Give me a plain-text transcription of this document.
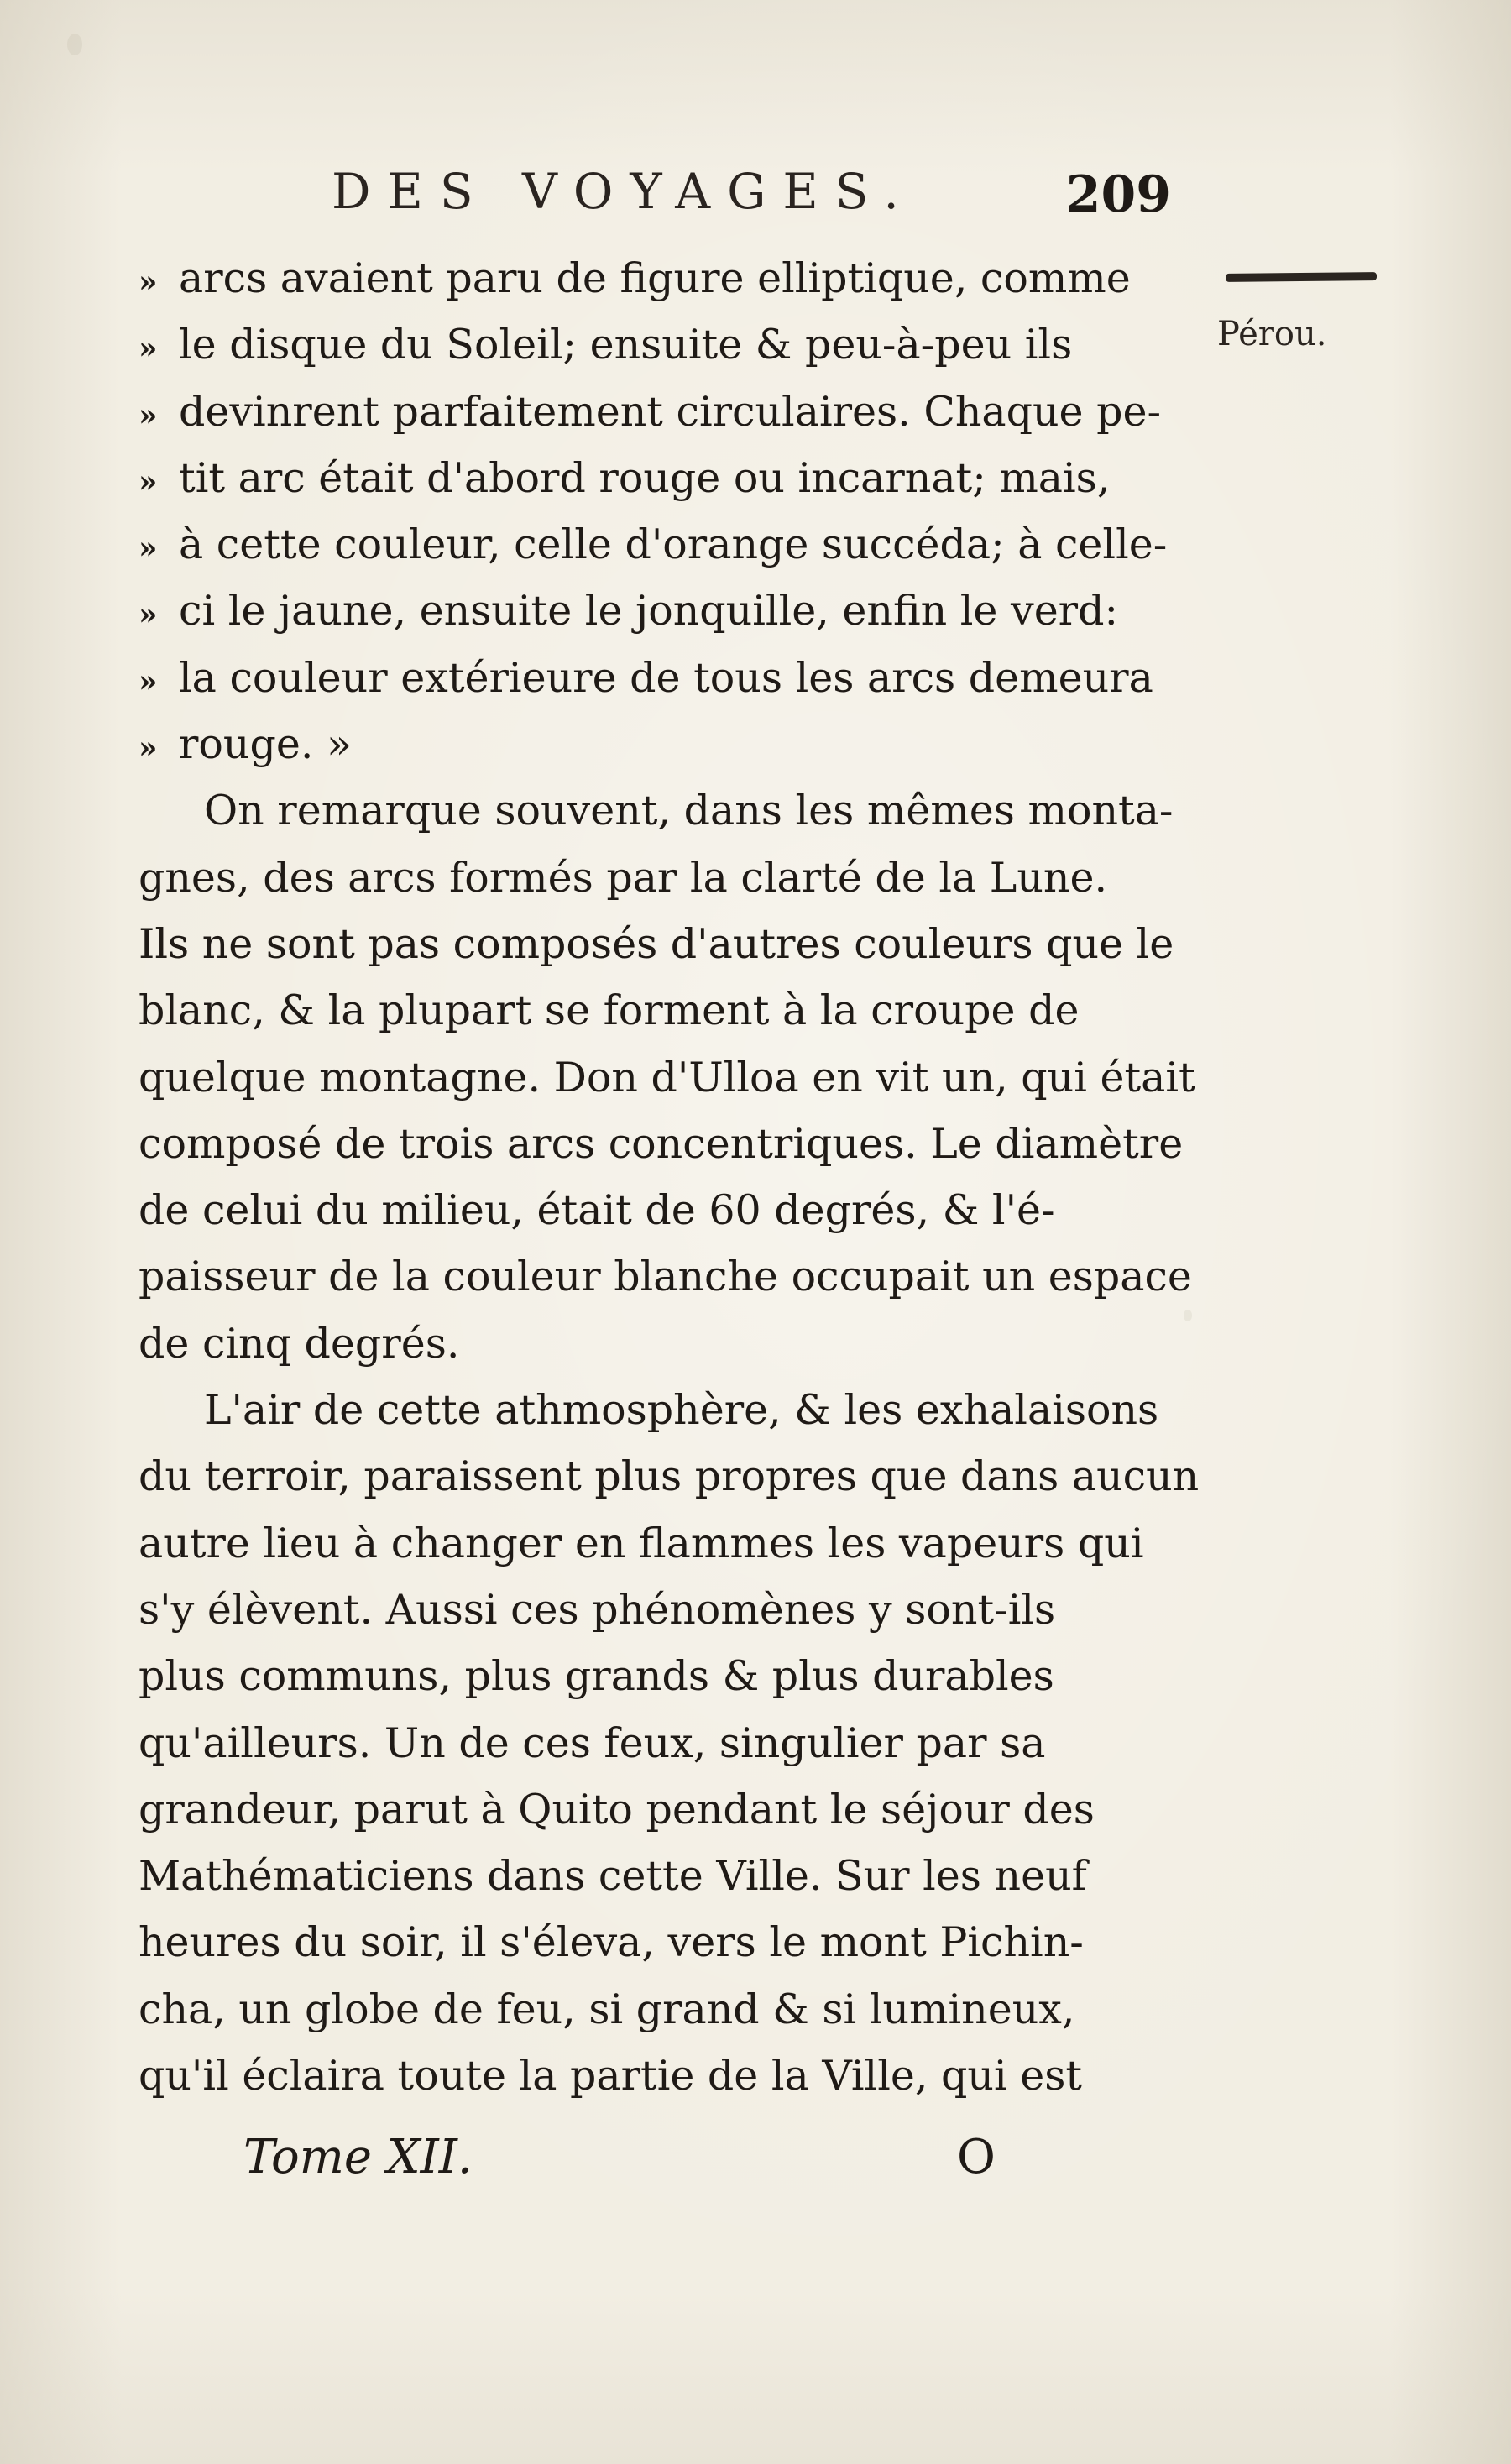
DES VOYAGES.	209
Pérou.
» arcs avaient paru de figure elliptique, comme
» le disque du Soleil; ensuite & peu-à-peu ils
» devinrent parfaitement circulaires. Chaque pe-
» tit arc était d'abord rouge ou incarnat; mais,
» à cette couleur, celle d'orange succéda; à celle-
» ci le jaune, ensuite le jonquille, enfin le verd:
» la couleur extérieure de tous les arcs demeura
» rouge. »
On remarque souvent, dans les mêmes monta-
gnes, des arcs formés par la clarté de la Lune.
Ils ne sont pas composés d'autres couleurs que le
blanc, & la plupart se forment à la croupe de
quelque montagne. Don d'Ulloa en vit un, qui était
composé de trois arcs concentriques. Le diamètre
de celui du milieu, était de 60 degrés, & l'é-
paisseur de la couleur blanche occupait un espace
de cinq degrés.
L'air de cette athmosphère, & les exhalaisons
du terroir, paraissent plus propres que dans aucun
autre lieu à changer en flammes les vapeurs qui
s'y élèvent. Aussi ces phénomènes y sont-ils
plus communs, plus grands & plus durables
qu'ailleurs. Un de ces feux, singulier par sa
grandeur, parut à Quito pendant le séjour des
Mathématiciens dans cette Ville. Sur les neuf
heures du soir, il s'éleva, vers le mont Pichin-
cha, un globe de feu, si grand & si lumineux,
qu'il éclaira toute la partie de la Ville, qui est
Tome XII.	O
